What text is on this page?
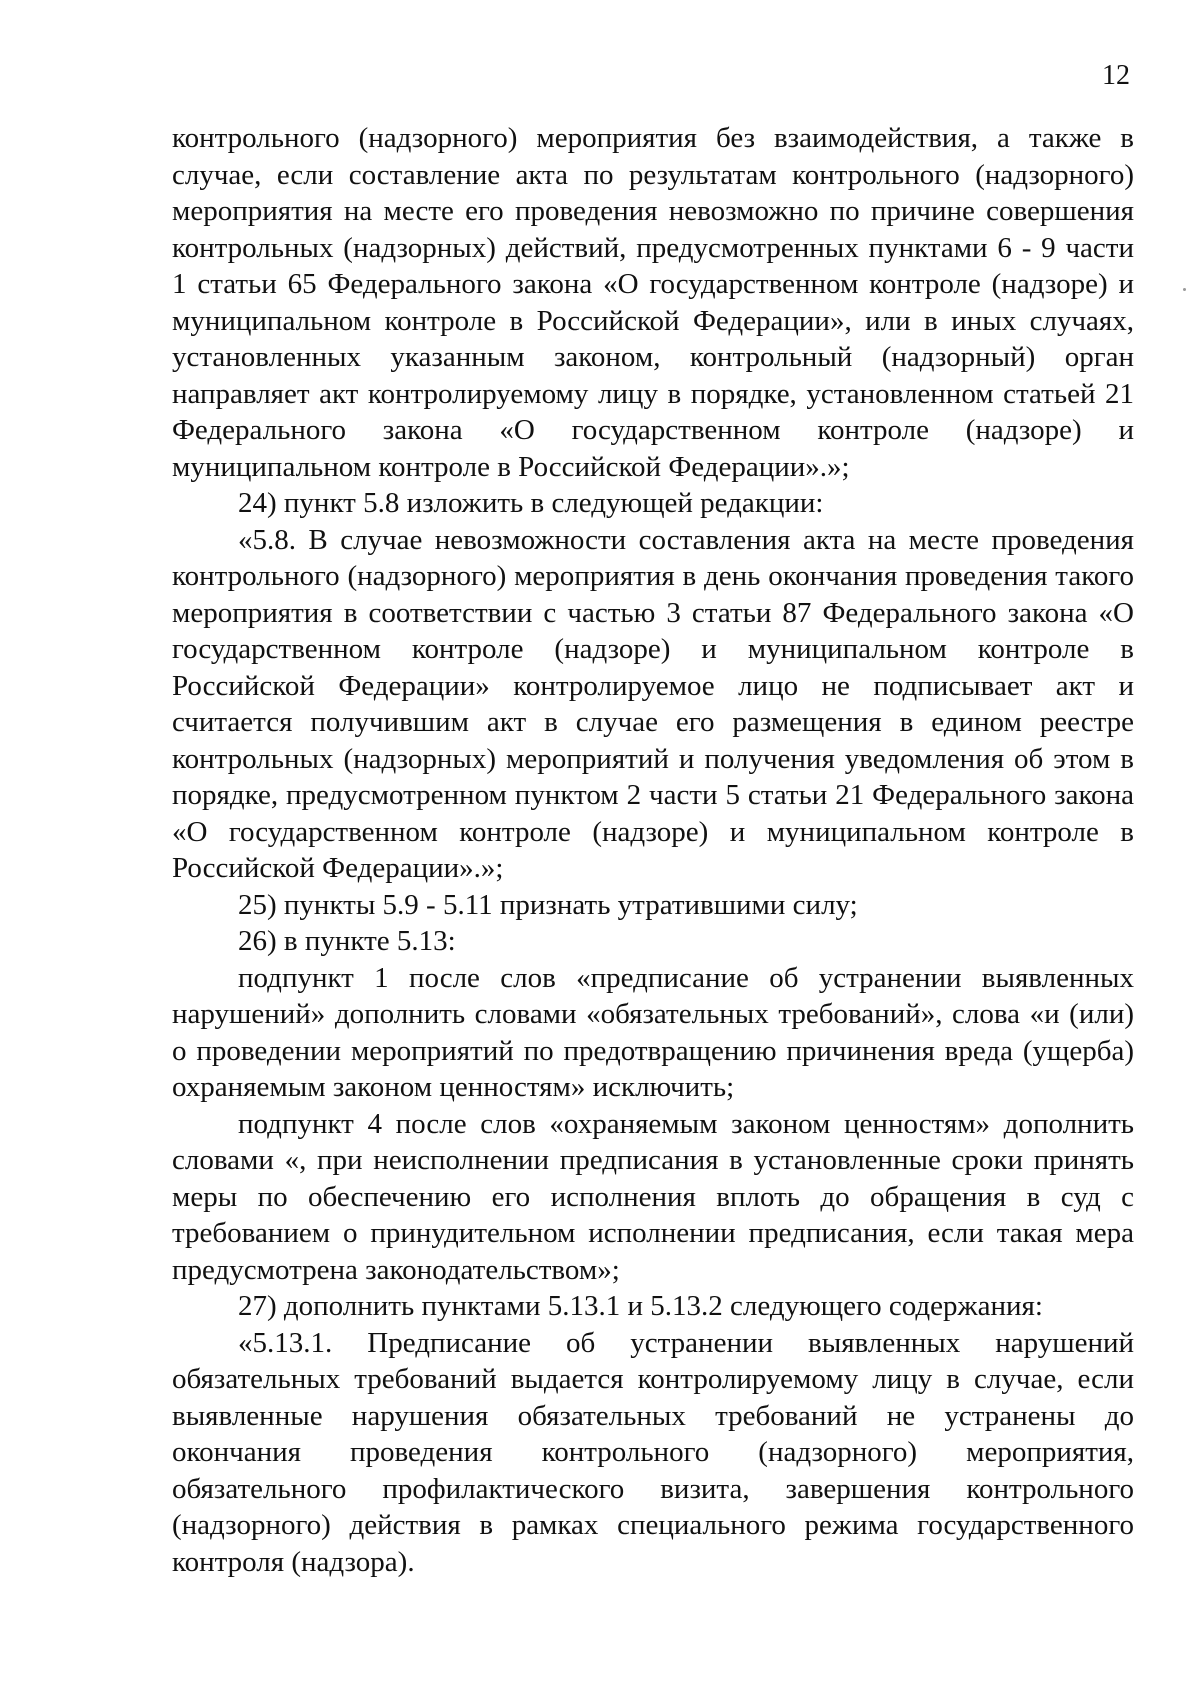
12

контрольного (надзорного) мероприятия без взаимодействия, а также в случае, если составление акта по результатам контрольного (надзорного) мероприятия на месте его проведения невозможно по причине совершения контрольных (надзорных) действий, предусмотренных пунктами 6 - 9 части 1 статьи 65 Федерального закона «О государственном контроле (надзоре) и муниципальном контроле в Российской Федерации», или в иных случаях, установленных указанным законом, контрольный (надзорный) орган направляет акт контролируемому лицу в порядке, установленном статьей 21 Федерального закона «О государственном контроле (надзоре) и муниципальном контроле в Российской Федерации».»;

24) пункт 5.8 изложить в следующей редакции:

«5.8. В случае невозможности составления акта на месте проведения контрольного (надзорного) мероприятия в день окончания проведения такого мероприятия в соответствии с частью 3 статьи 87 Федерального закона «О государственном контроле (надзоре) и муниципальном контроле в Российской Федерации» контролируемое лицо не подписывает акт и считается получившим акт в случае его размещения в едином реестре контрольных (надзорных) мероприятий и получения уведомления об этом в порядке, предусмотренном пунктом 2 части 5 статьи 21 Федерального закона «О государственном контроле (надзоре) и муниципальном контроле в Российской Федерации».»;

25) пункты 5.9 - 5.11 признать утратившими силу;

26) в пункте 5.13:

подпункт 1 после слов «предписание об устранении выявленных нарушений» дополнить словами «обязательных требований», слова «и (или) о проведении мероприятий по предотвращению причинения вреда (ущерба) охраняемым законом ценностям» исключить;

подпункт 4 после слов «охраняемым законом ценностям» дополнить словами «, при неисполнении предписания в установленные сроки принять меры по обеспечению его исполнения вплоть до обращения в суд с требованием о принудительном исполнении предписания, если такая мера предусмотрена законодательством»;

27) дополнить пунктами 5.13.1 и 5.13.2 следующего содержания:

«5.13.1. Предписание об устранении выявленных нарушений обязательных требований выдается контролируемому лицу в случае, если выявленные нарушения обязательных требований не устранены до окончания проведения контрольного (надзорного) мероприятия, обязательного профилактического визита, завершения контрольного (надзорного) действия в рамках специального режима государственного контроля (надзора).
